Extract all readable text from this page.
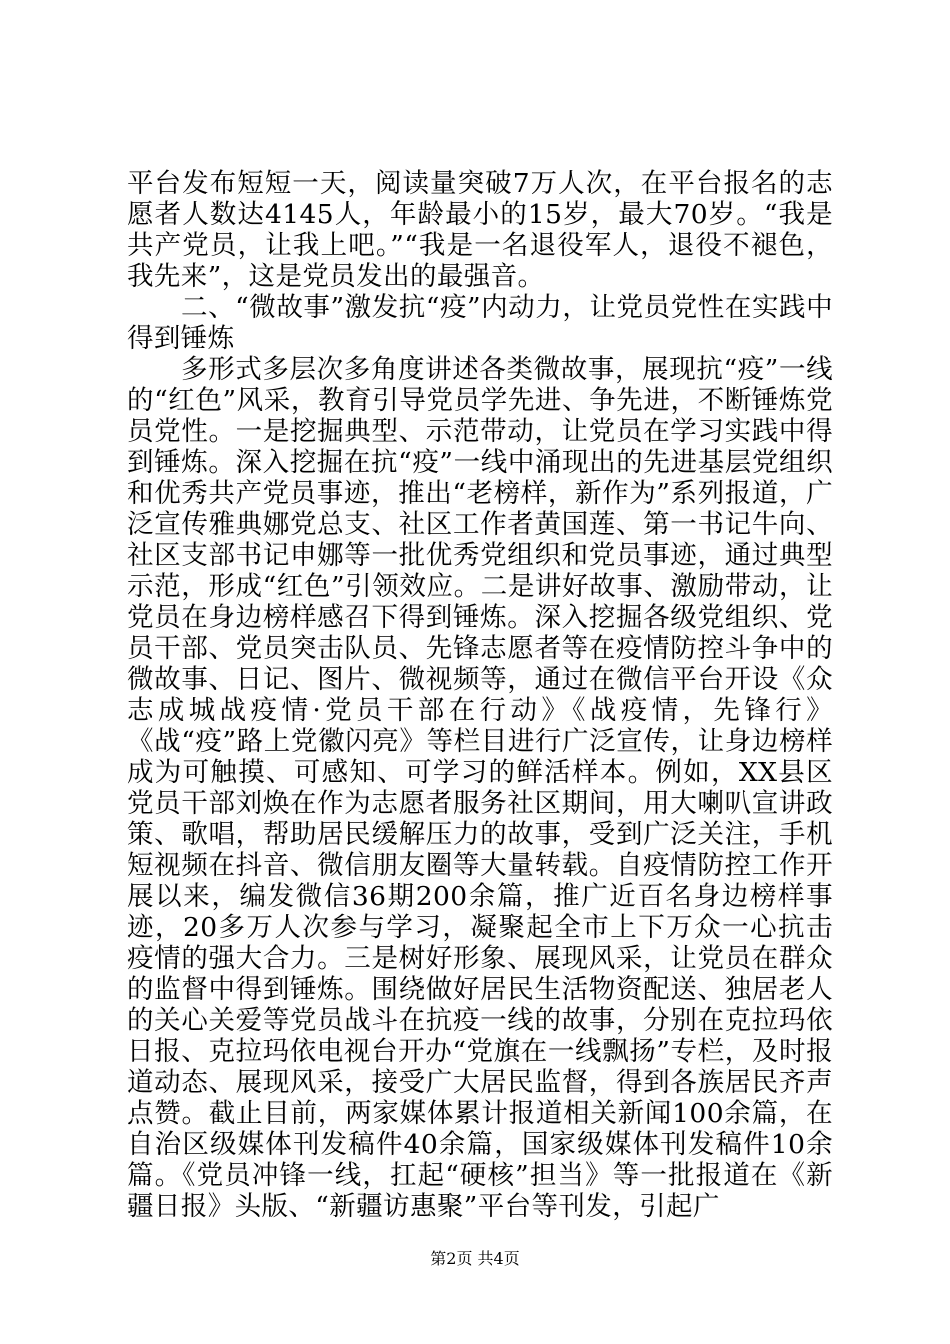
平台发布短短一天，阅读量突破7万人次，在平台报名的志愿者人数达4145人，年龄最小的15岁，最大70岁。“我是共产党员，让我上吧。”“我是一名退役军人，退役不褪色，我先来”，这是党员发出的最强音。

二、“微故事”激发抗“疫”内动力，让党员党性在实践中得到锤炼

多形式多层次多角度讲述各类微故事，展现抗“疫”一线的“红色”风采，教育引导党员学先进、争先进，不断锤炼党员党性。一是挖掘典型、示范带动，让党员在学习实践中得到锤炼。深入挖掘在抗“疫”一线中涌现出的先进基层党组织和优秀共产党员事迹，推出“老榜样，新作为”系列报道，广泛宣传雅典娜党总支、社区工作者黄国莲、第一书记牛向、社区支部书记申娜等一批优秀党组织和党员事迹，通过典型示范，形成“红色”引领效应。二是讲好故事、激励带动，让党员在身边榜样感召下得到锤炼。深入挖掘各级党组织、党员干部、党员突击队员、先锋志愿者等在疫情防控斗争中的微故事、日记、图片、微视频等，通过在微信平台开设《众志成城战疫情·党员干部在行动》《战疫情，先锋行》《战“疫”路上党徽闪亮》等栏目进行广泛宣传，让身边榜样成为可触摸、可感知、可学习的鲜活样本。例如，XX县区党员干部刘焕在作为志愿者服务社区期间，用大喇叭宣讲政策、歌唱，帮助居民缓解压力的故事，受到广泛关注，手机短视频在抖音、微信朋友圈等大量转载。自疫情防控工作开展以来，编发微信36期200余篇，推广近百名身边榜样事迹，20多万人次参与学习，凝聚起全市上下万众一心抗击疫情的强大合力。三是树好形象、展现风采，让党员在群众的监督中得到锤炼。围绕做好居民生活物资配送、独居老人的关心关爱等党员战斗在抗疫一线的故事，分别在克拉玛依日报、克拉玛依电视台开办“党旗在一线飘扬”专栏，及时报道动态、展现风采，接受广大居民监督，得到各族居民齐声点赞。截止目前，两家媒体累计报道相关新闻100余篇，在自治区级媒体刊发稿件40余篇，国家级媒体刊发稿件10余篇。《党员冲锋一线，扛起“硬核”担当》等一批报道在《新疆日报》头版、“新疆访惠聚”平台等刊发，引起广

第2页 共4页
